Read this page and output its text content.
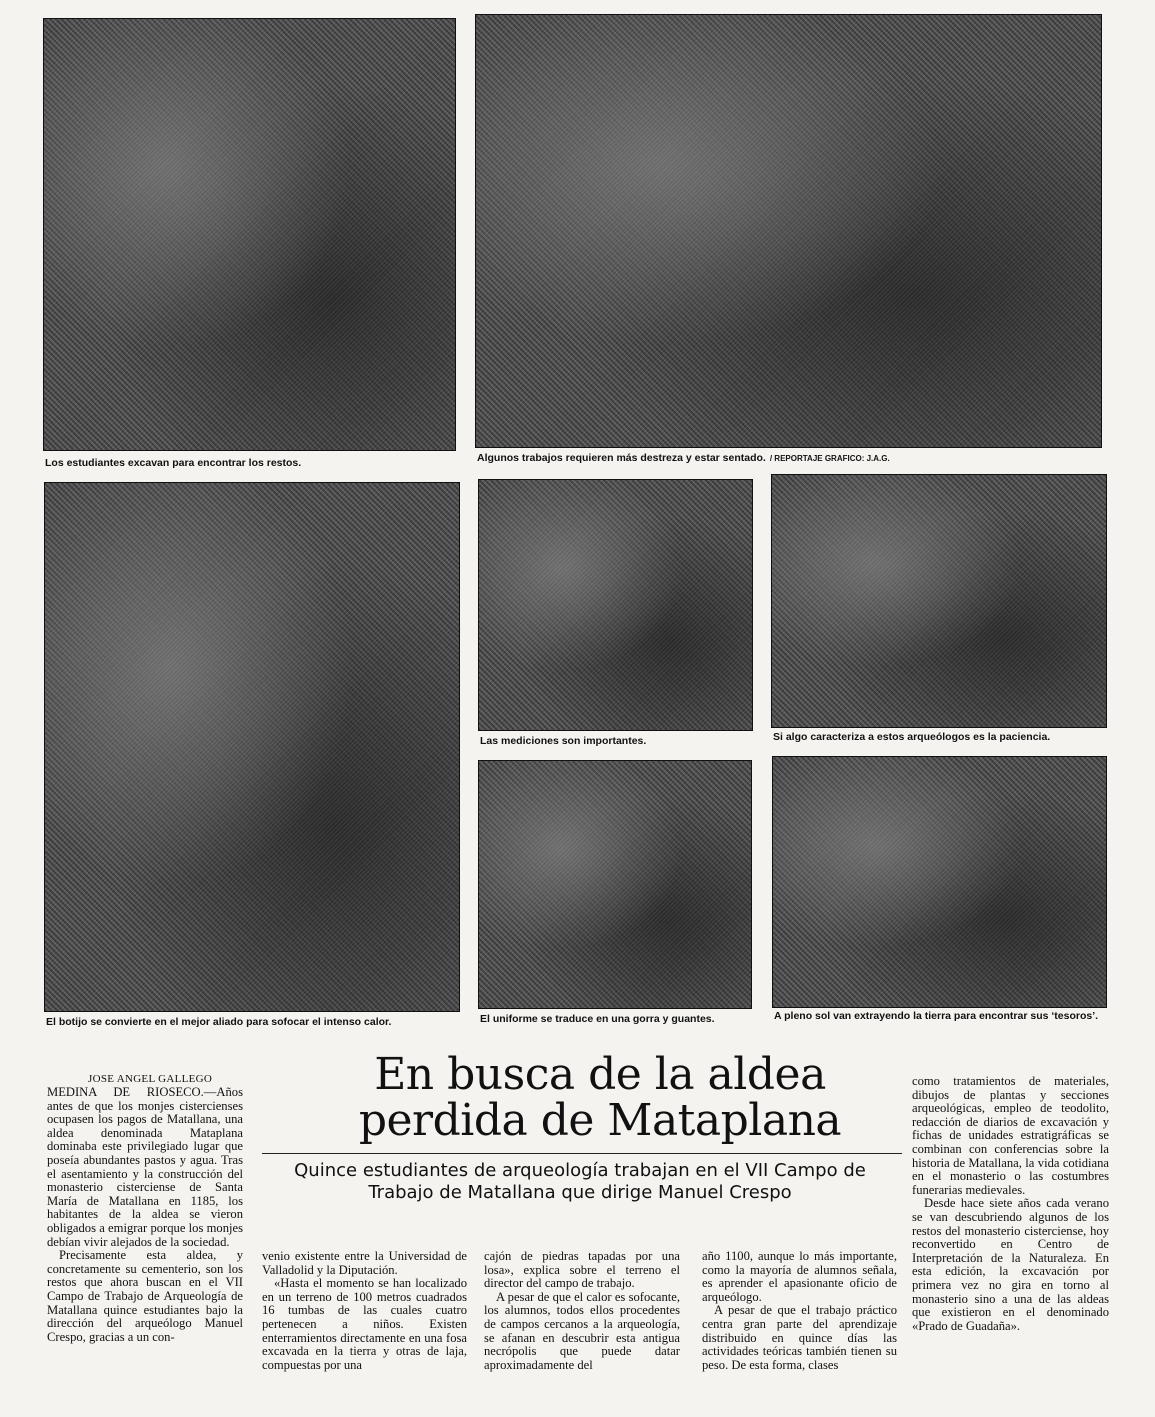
Los estudiantes excavan para encontrar los restos.	Algunos trabajos requieren más destreza y estar sentado. / REPORTAJE GRAFICO: J.A.G.
El botijo se convierte en el mejor aliado para sofocar el intenso calor.
Las mediciones son importantes.	Si algo caracteriza a estos arqueólogos es la paciencia.
El uniforme se traduce en una gorra y guantes.	A pleno sol van extrayendo la tierra para encontrar sus ‘tesoros’.
En busca de la aldea perdida de Mataplana
Quince estudiantes de arqueología trabajan en el VII Campo de Trabajo de Matallana que dirige Manuel Crespo
JOSE ANGEL GALLEGO

MEDINA DE RIOSECO.—Años antes de que los monjes cistercienses ocupasen los pagos de Matallana, una aldea denominada Mataplana dominaba este privilegiado lugar que poseía abundantes pastos y agua. Tras el asentamiento y la construcción del monasterio cisterciense de Santa María de Matallana en 1185, los habitantes de la aldea se vieron obligados a emigrar porque los monjes debían vivir alejados de la sociedad.

Precisamente esta aldea, y concretamente su cementerio, son los restos que ahora buscan en el VII Campo de Trabajo de Arqueología de Matallana quince estudiantes bajo la dirección del arqueólogo Manuel Crespo, gracias a un con-

venio existente entre la Universidad de Valladolid y la Diputación.

«Hasta el momento se han localizado en un terreno de 100 metros cuadrados 16 tumbas de las cuales cuatro pertenecen a niños. Existen enterramientos directamente en una fosa excavada en la tierra y otras de laja, compuestas por una

cajón de piedras tapadas por una losa», explica sobre el terreno el director del campo de trabajo.

A pesar de que el calor es sofocante, los alumnos, todos ellos procedentes de campos cercanos a la arqueología, se afanan en descubrir esta antigua necrópolis que puede datar aproximadamente del

año 1100, aunque lo más importante, como la mayoría de alumnos señala, es aprender el apasionante oficio de arqueólogo.

A pesar de que el trabajo práctico centra gran parte del aprendizaje distribuido en quince días las actividades teóricas también tienen su peso. De esta forma, clases

como tratamientos de materiales, dibujos de plantas y secciones arqueológicas, empleo de teodolito, redacción de diarios de excavación y fichas de unidades estratigráficas se combinan con conferencias sobre la historia de Matallana, la vida cotidiana en el monasterio o las costumbres funerarias medievales.

Desde hace siete años cada verano se van descubriendo algunos de los restos del monasterio cisterciense, hoy reconvertido en Centro de Interpretación de la Naturaleza. En esta edición, la excavación por primera vez no gira en torno al monasterio sino a una de las aldeas que existieron en el denominado «Prado de Guadaña».
